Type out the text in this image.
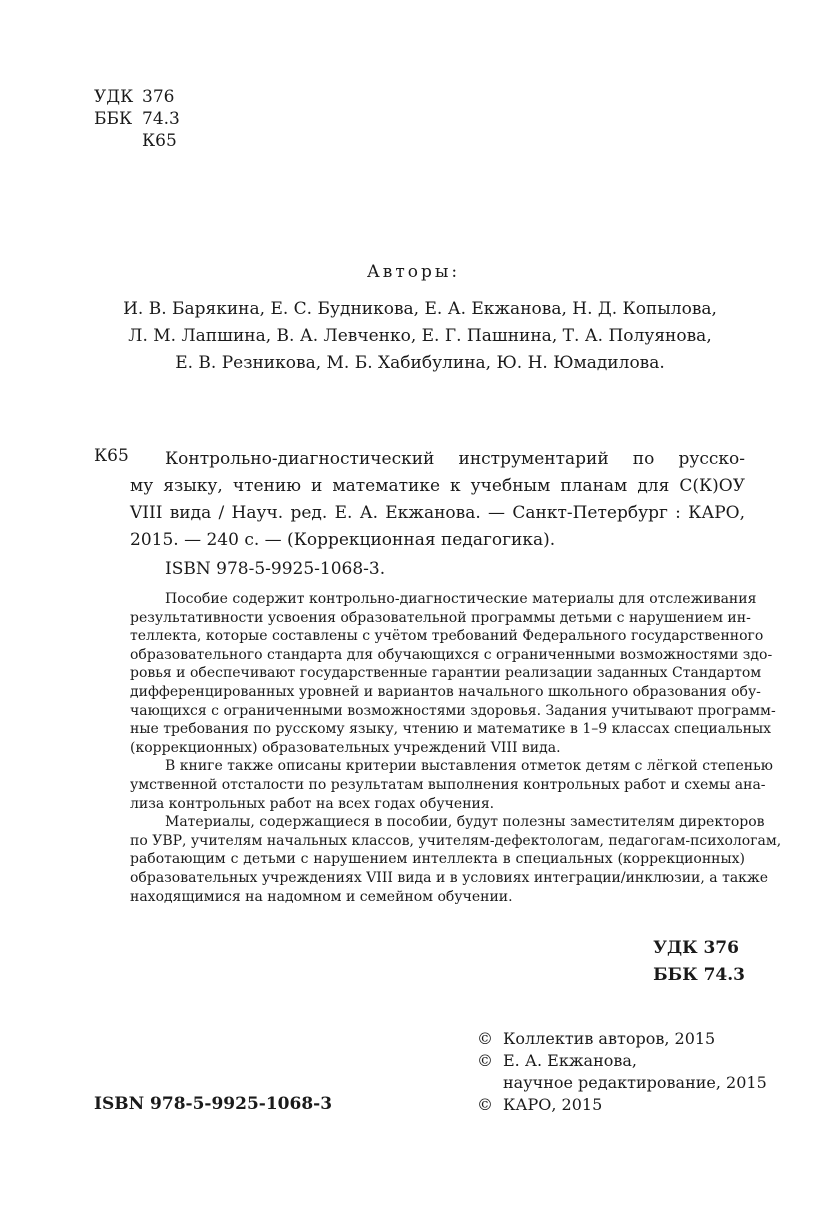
УДК 376
ББК 74.3
К65
Авторы:
И. В. Барякина, Е. С. Будникова, Е. А. Екжанова, Н. Д. Копылова,
Л. М. Лапшина, В. А. Левченко, Е. Г. Пашнина, Т. А. Полуянова,
Е. В. Резникова, М. Б. Хабибулина, Ю. Н. Юмадилова.
К65 Контрольно-диагностический инструментарий по русско-
му языку, чтению и математике к учебным планам для С(К)ОУ
VIII вида / Науч. ред. Е. А. Екжанова. — Санкт-Петербург : КАРО,
2015. — 240 с. — (Коррекционная педагогика).
ISBN 978-5-9925-1068-3.
Пособие содержит контрольно-диагностические материалы для отслеживания
результативности усвоения образовательной программы детьми с нарушением ин-
теллекта, которые составлены с учётом требований Федерального государственного
образовательного стандарта для обучающихся с ограниченными возможностями здо-
ровья и обеспечивают государственные гарантии реализации заданных Стандартом
дифференцированных уровней и вариантов начального школьного образования обу-
чающихся с ограниченными возможностями здоровья. Задания учитывают программ-
ные требования по русскому языку, чтению и математике в 1–9 классах специальных
(коррекционных) образовательных учреждений VIII вида.
В книге также описаны критерии выставления отметок детям с лёгкой степенью
умственной отсталости по результатам выполнения контрольных работ и схемы ана-
лиза контрольных работ на всех годах обучения.
Материалы, содержащиеся в пособии, будут полезны заместителям директоров
по УВР, учителям начальных классов, учителям-дефектологам, педагогам-психологам,
работающим с детьми с нарушением интеллекта в специальных (коррекционных)
образовательных учреждениях VIII вида и в условиях интеграции/инклюзии, а также
находящимися на надомном и семейном обучении.
УДК 376
ББК 74.3
© Коллектив авторов, 2015
© Е. А. Екжанова,
научное редактирование, 2015
© КАРО, 2015
ISBN 978-5-9925-1068-3
